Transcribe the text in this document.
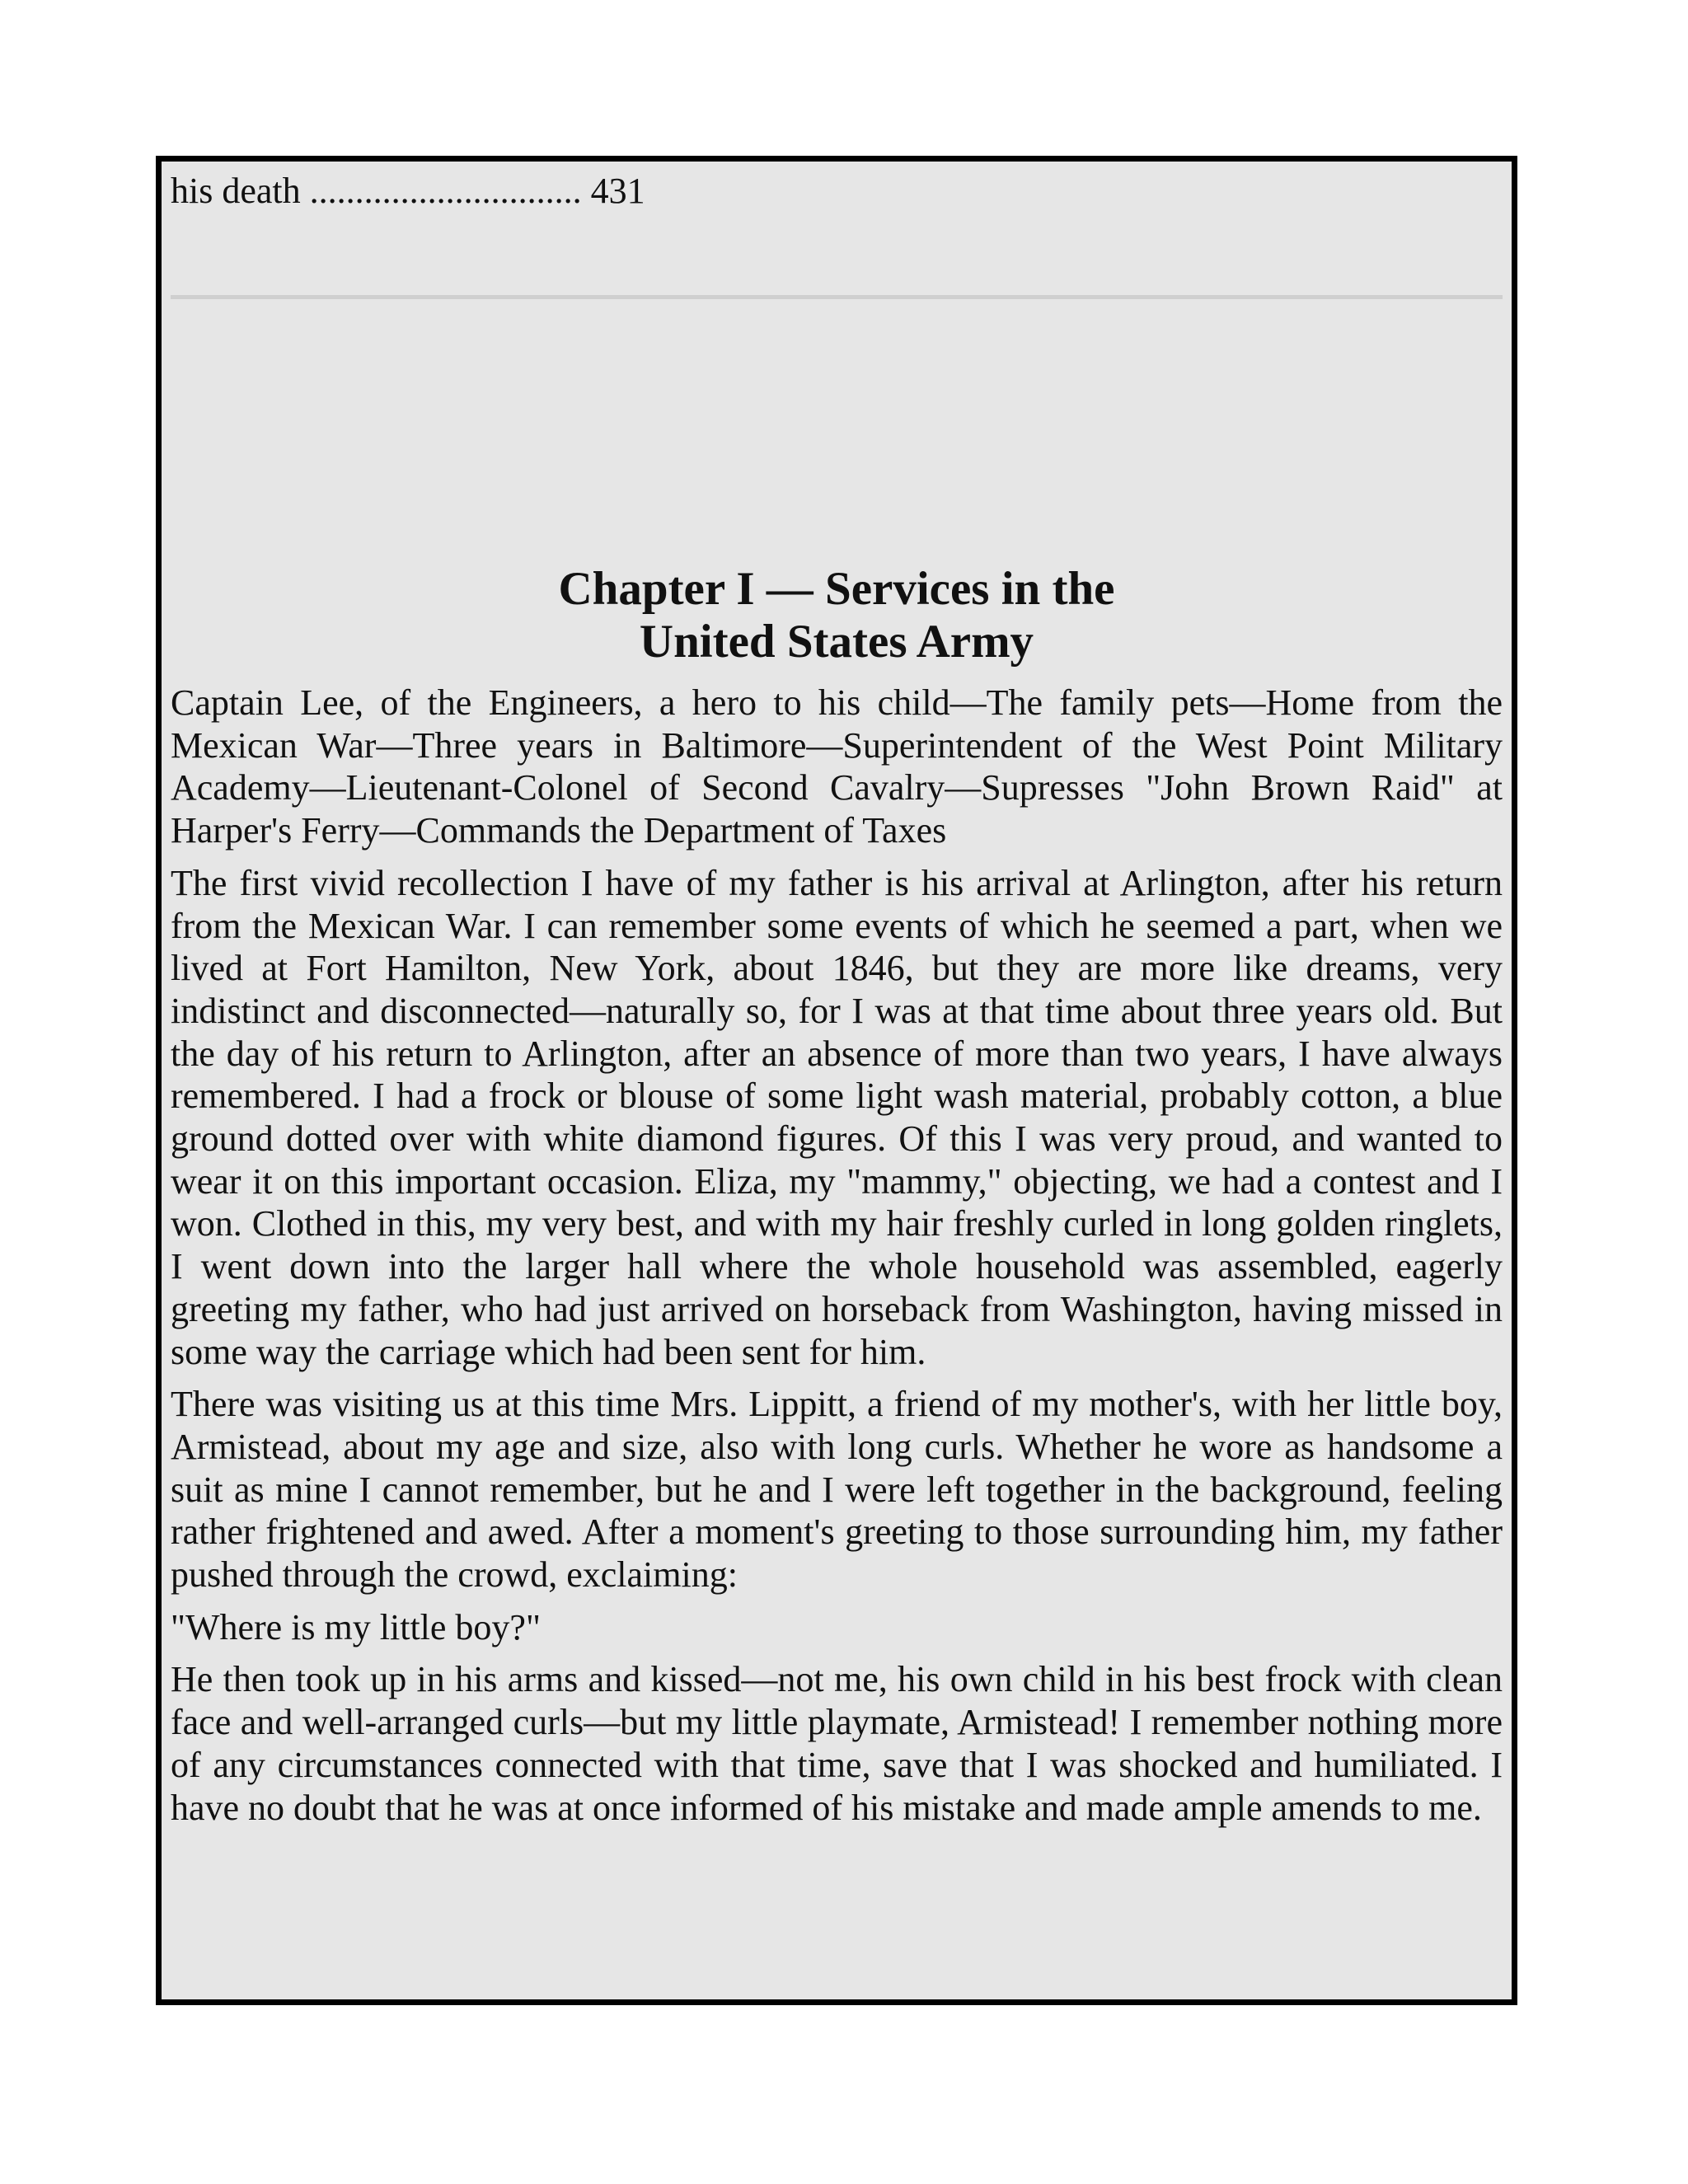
his death .............................. 431

Chapter I — Services in the
United States Army

Captain Lee, of the Engineers, a hero to his child—The family pets—Home from the Mexican War—Three years in Baltimore—Superintendent of the West Point Military Academy—Lieutenant-Colonel of Second Cavalry—Supresses "John Brown Raid" at Harper's Ferry—Commands the Department of Taxes

The first vivid recollection I have of my father is his arrival at Arlington, after his return from the Mexican War. I can remember some events of which he seemed a part, when we lived at Fort Hamilton, New York, about 1846, but they are more like dreams, very indistinct and disconnected—naturally so, for I was at that time about three years old. But the day of his return to Arlington, after an absence of more than two years, I have always remembered. I had a frock or blouse of some light wash material, probably cotton, a blue ground dotted over with white diamond figures. Of this I was very proud, and wanted to wear it on this important occasion. Eliza, my "mammy," objecting, we had a contest and I won. Clothed in this, my very best, and with my hair freshly curled in long golden ringlets, I went down into the larger hall where the whole household was assembled, eagerly greeting my father, who had just arrived on horseback from Washington, having missed in some way the carriage which had been sent for him.

There was visiting us at this time Mrs. Lippitt, a friend of my mother's, with her little boy, Armistead, about my age and size, also with long curls. Whether he wore as handsome a suit as mine I cannot remember, but he and I were left together in the background, feeling rather frightened and awed. After a moment's greeting to those surrounding him, my father pushed through the crowd, exclaiming:

"Where is my little boy?"

He then took up in his arms and kissed—not me, his own child in his best frock with clean face and well-arranged curls—but my little playmate, Armistead! I remember nothing more of any circumstances connected with that time, save that I was shocked and humiliated. I have no doubt that he was at once informed of his mistake and made ample amends to me.
